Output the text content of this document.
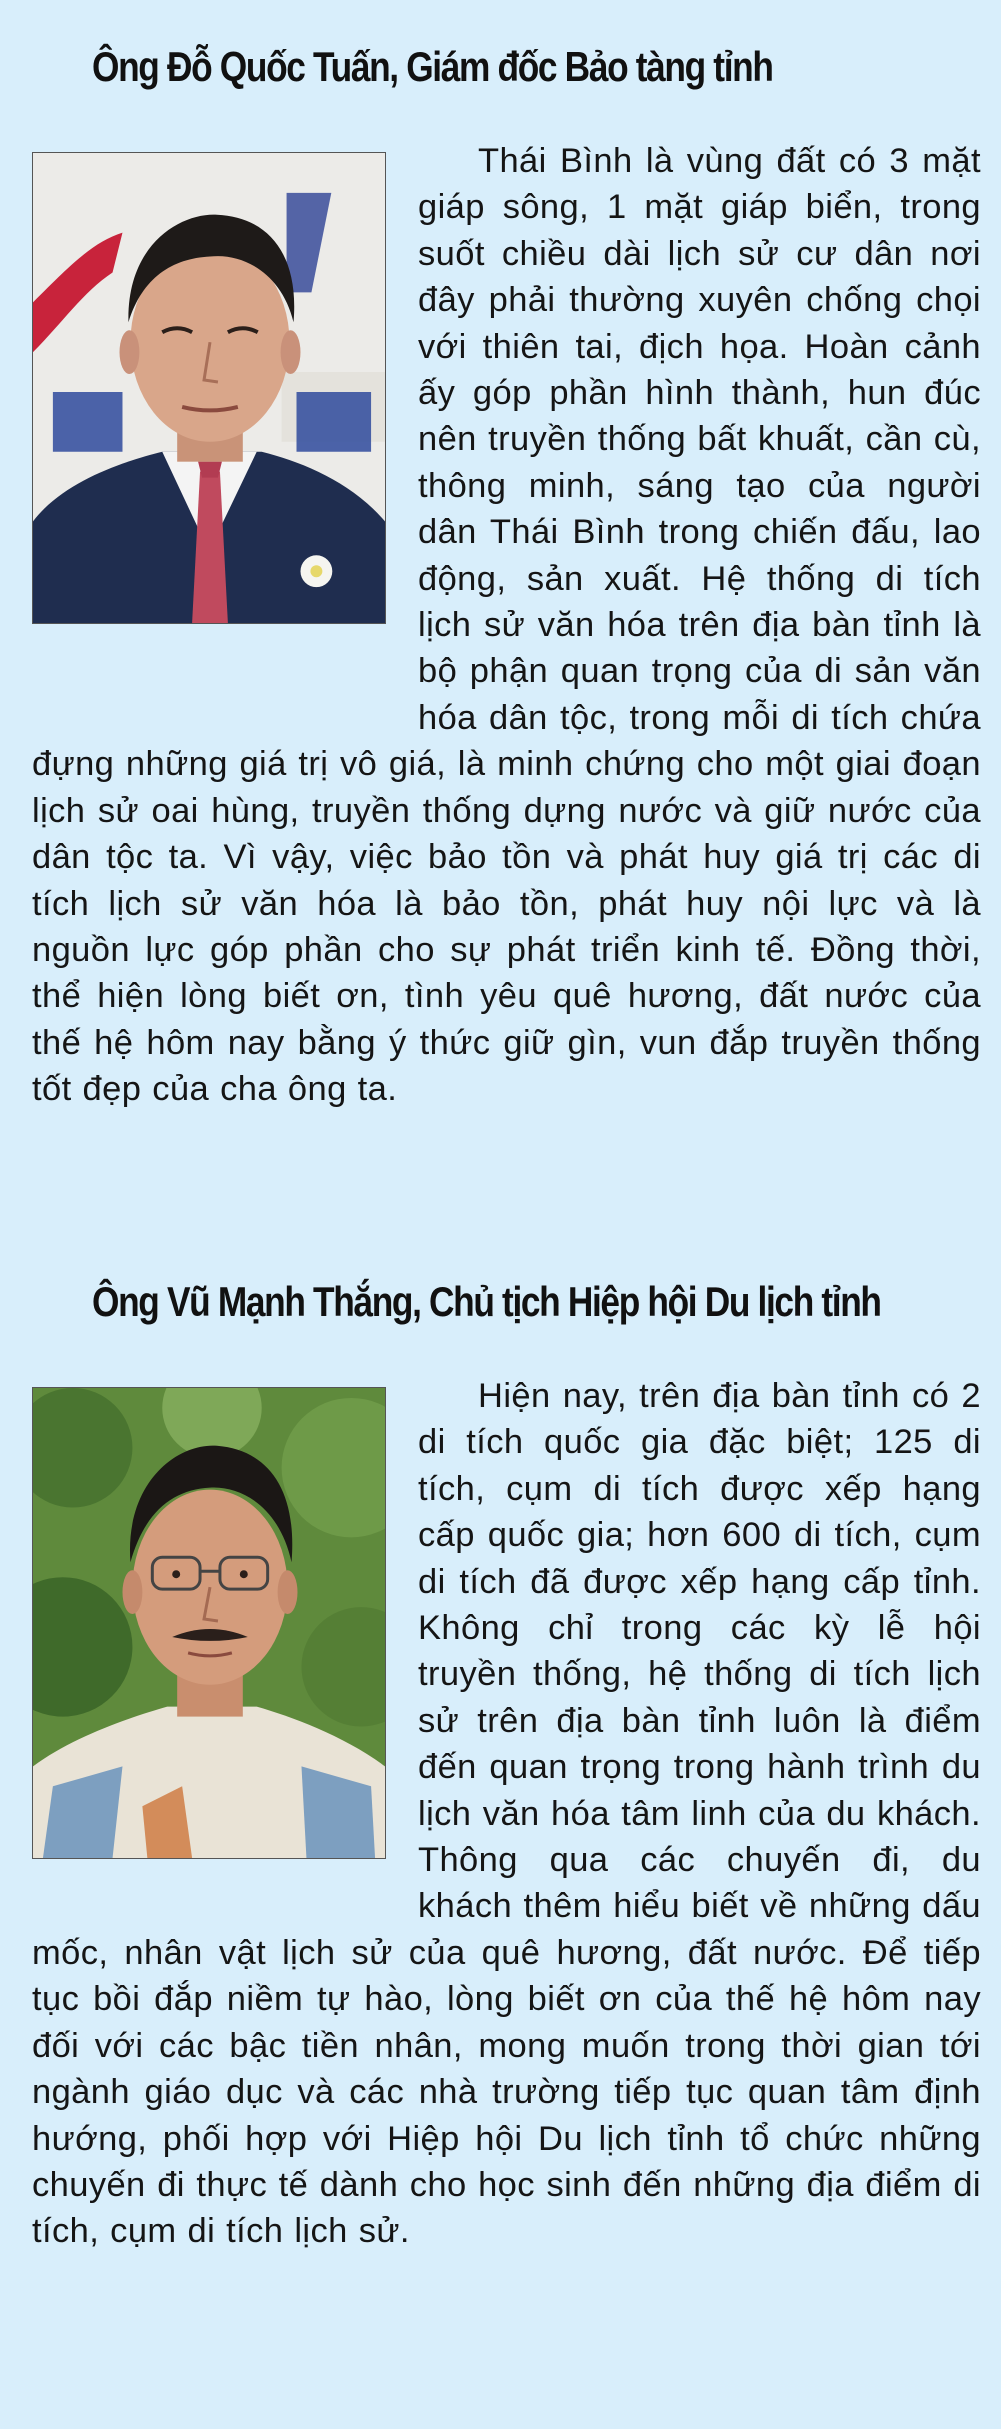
Ông Đỗ Quốc Tuấn, Giám đốc Bảo tàng tỉnh

Thái Bình là vùng đất có 3 mặt giáp sông, 1 mặt giáp biển, trong suốt chiều dài lịch sử cư dân nơi đây phải thường xuyên chống chọi với thiên tai, địch họa. Hoàn cảnh ấy góp phần hình thành, hun đúc nên truyền thống bất khuất, cần cù, thông minh, sáng tạo của người dân Thái Bình trong chiến đấu, lao động, sản xuất. Hệ thống di tích lịch sử văn hóa trên địa bàn tỉnh là bộ phận quan trọng của di sản văn hóa dân tộc, trong mỗi di tích chứa đựng những giá trị vô giá, là minh chứng cho một giai đoạn lịch sử oai hùng, truyền thống dựng nước và giữ nước của dân tộc ta. Vì vậy, việc bảo tồn và phát huy giá trị các di tích lịch sử văn hóa là bảo tồn, phát huy nội lực và là nguồn lực góp phần cho sự phát triển kinh tế. Đồng thời, thể hiện lòng biết ơn, tình yêu quê hương, đất nước của thế hệ hôm nay bằng ý thức giữ gìn, vun đắp truyền thống tốt đẹp của cha ông ta.

Ông Vũ Mạnh Thắng, Chủ tịch Hiệp hội Du lịch tỉnh

Hiện nay, trên địa bàn tỉnh có 2 di tích quốc gia đặc biệt; 125 di tích, cụm di tích được xếp hạng cấp quốc gia; hơn 600 di tích, cụm di tích đã được xếp hạng cấp tỉnh. Không chỉ trong các kỳ lễ hội truyền thống, hệ thống di tích lịch sử trên địa bàn tỉnh luôn là điểm đến quan trọng trong hành trình du lịch văn hóa tâm linh của du khách. Thông qua các chuyến đi, du khách thêm hiểu biết về những dấu mốc, nhân vật lịch sử của quê hương, đất nước. Để tiếp tục bồi đắp niềm tự hào, lòng biết ơn của thế hệ hôm nay đối với các bậc tiền nhân, mong muốn trong thời gian tới ngành giáo dục và các nhà trường tiếp tục quan tâm định hướng, phối hợp với Hiệp hội Du lịch tỉnh tổ chức những chuyến đi thực tế dành cho học sinh đến những địa điểm di tích, cụm di tích lịch sử.
